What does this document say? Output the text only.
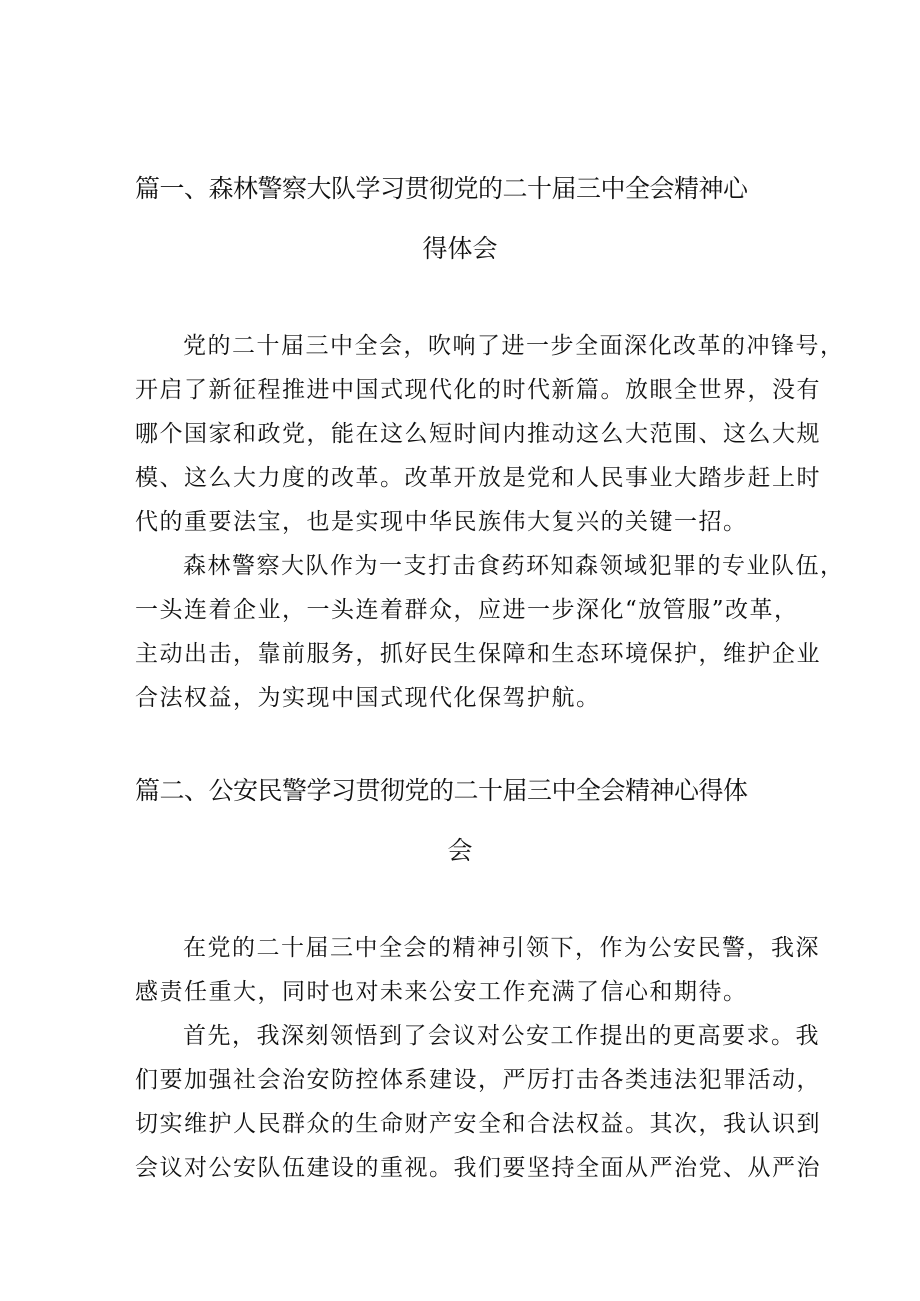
篇一、森林警察大队学习贯彻党的二十届三中全会精神心
得体会
党的二十届三中全会，吹响了进一步全面深化改革的冲锋号，
开启了新征程推进中国式现代化的时代新篇。放眼全世界，没有
哪个国家和政党，能在这么短时间内推动这么大范围、这么大规
模、这么大力度的改革。改革开放是党和人民事业大踏步赶上时
代的重要法宝，也是实现中华民族伟大复兴的关键一招。
森林警察大队作为一支打击食药环知森领域犯罪的专业队伍，
一头连着企业，一头连着群众，应进一步深化“放管服”改革，
主动出击，靠前服务，抓好民生保障和生态环境保护，维护企业
合法权益，为实现中国式现代化保驾护航。
篇二、公安民警学习贯彻党的二十届三中全会精神心得体
会
在党的二十届三中全会的精神引领下，作为公安民警，我深
感责任重大，同时也对未来公安工作充满了信心和期待。
首先，我深刻领悟到了会议对公安工作提出的更高要求。我
们要加强社会治安防控体系建设，严厉打击各类违法犯罪活动，
切实维护人民群众的生命财产安全和合法权益。其次，我认识到
会议对公安队伍建设的重视。我们要坚持全面从严治党、从严治
